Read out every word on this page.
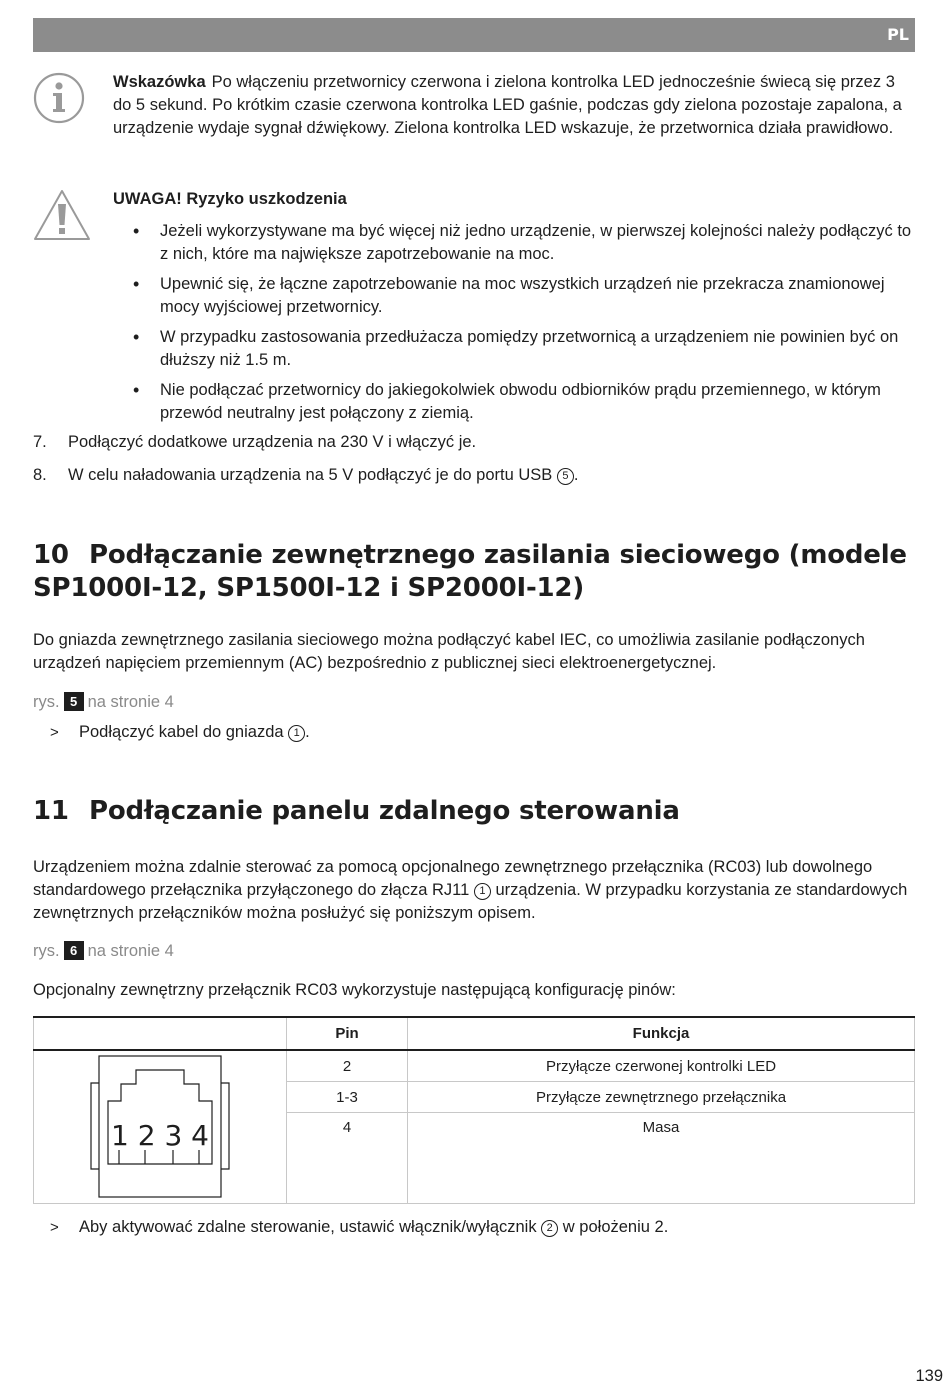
PL
Wskazówka Po włączeniu przetwornicy czerwona i zielona kontrolka LED jednocześnie świecą się przez 3 do 5 sekund. Po krótkim czasie czerwona kontrolka LED gaśnie, podczas gdy zielona pozostaje zapalona, a urządzenie wydaje sygnał dźwiękowy. Zielona kontrolka LED wskazuje, że przetwornica działa prawidłowo.
UWAGA! Ryzyko uszkodzenia
• Jeżeli wykorzystywane ma być więcej niż jedno urządzenie, w pierwszej kolejności należy podłączyć to z nich, które ma największe zapotrzebowanie na moc.
• Upewnić się, że łączne zapotrzebowanie na moc wszystkich urządzeń nie przekracza znamionowej mocy wyjściowej przetwornicy.
• W przypadku zastosowania przedłużacza pomiędzy przetwornicą a urządzeniem nie powinien być on dłuższy niż 1.5 m.
• Nie podłączać przetwornicy do jakiegokolwiek obwodu odbiorników prądu przemiennego, w którym przewód neutralny jest połączony z ziemią.
7. Podłączyć dodatkowe urządzenia na 230 V i włączyć je.
8. W celu naładowania urządzenia na 5 V podłączyć je do portu USB 5 .
10 Podłączanie zewnętrznego zasilania sieciowego (modele SP1000I-12, SP1500I-12 i SP2000I-12)
Do gniazda zewnętrznego zasilania sieciowego można podłączyć kabel IEC, co umożliwia zasilanie podłączonych urządzeń napięciem przemiennym (AC) bezpośrednio z publicznej sieci elektroenergetycznej.
rys. 5 na stronie 4
> Podłączyć kabel do gniazda 1 .
11 Podłączanie panelu zdalnego sterowania
Urządzeniem można zdalnie sterować za pomocą opcjonalnego zewnętrznego przełącznika (RC03) lub dowolnego standardowego przełącznika przyłączonego do złącza RJ11 1 urządzenia. W przypadku korzystania ze standardowych zewnętrznych przełączników można posłużyć się poniższym opisem.
rys. 6 na stronie 4
Opcjonalny zewnętrzny przełącznik RC03 wykorzystuje następującą konfigurację pinów:
	Pin	Funkcja

1 2 3 4	2	Przyłącze czerwonej kontrolki LED
	1-3	Przyłącze zewnętrznego przełącznika
	4	Masa
> Aby aktywować zdalne sterowanie, ustawić włącznik/wyłącznik 2 w położeniu 2.
139
